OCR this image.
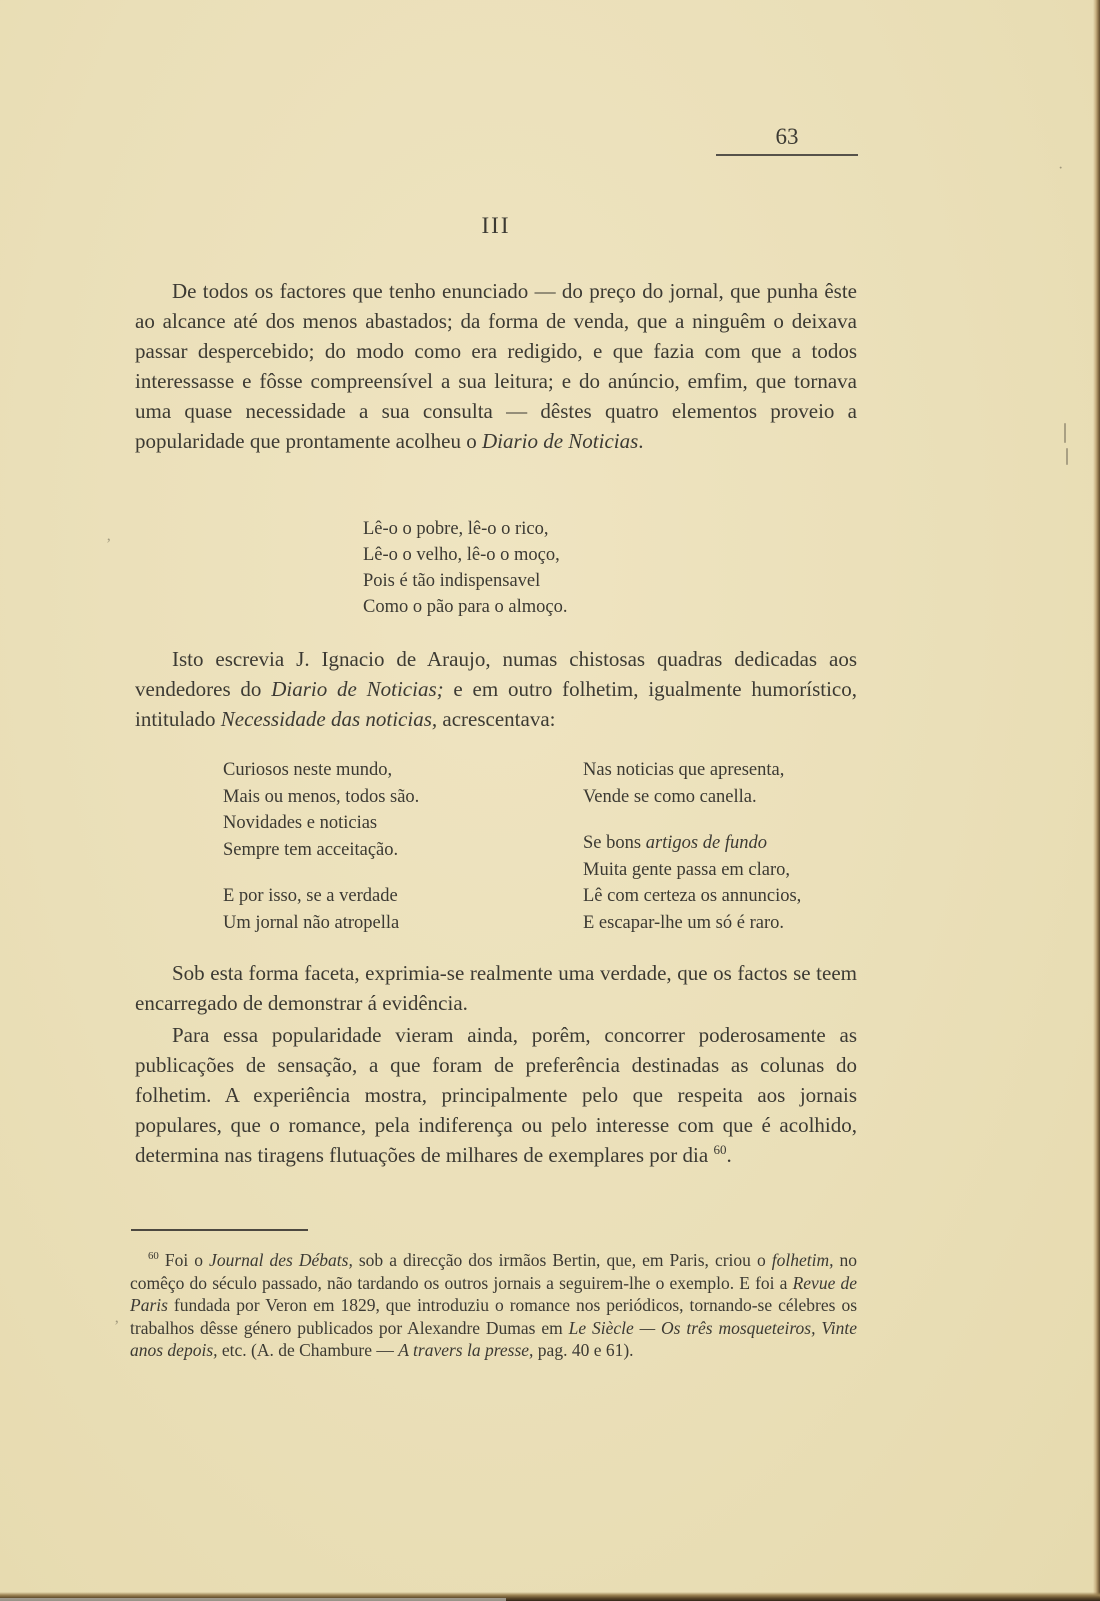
63
III

De todos os factores que tenho enunciado — do preço do jornal, que punha êste ao alcance até dos menos abastados; da forma de venda, que a ninguêm o deixava passar despercebido; do modo como era redigido, e que fazia com que a todos interessasse e fôsse compreensível a sua leitura; e do anúncio, emfim, que tornava uma quase necessidade a sua consulta — dêstes quatro elementos proveio a popularidade que prontamente acolheu o Diario de Noticias.

Lê-o o pobre, lê-o o rico,
Lê-o o velho, lê-o o moço,
Pois é tão indispensavel
Como o pão para o almoço.

Isto escrevia J. Ignacio de Araujo, numas chistosas quadras dedicadas aos vendedores do Diario de Noticias; e em outro folhetim, igualmente humorístico, intitulado Necessidade das noticias, acrescentava:

Curiosos neste mundo,
Mais ou menos, todos são.
Novidades e noticias
Sempre tem acceitação.
E por isso, se a verdade
Um jornal não atropella
Nas noticias que apresenta,
Vende se como canella.
Se bons artigos de fundo
Muita gente passa em claro,
Lê com certeza os annuncios,
E escapar-lhe um só é raro.

Sob esta forma faceta, exprimia-se realmente uma verdade, que os factos se teem encarregado de demonstrar á evidência.

Para essa popularidade vieram ainda, porêm, concorrer poderosamente as publicações de sensação, a que foram de preferência destinadas as colunas do folhetim. A experiência mostra, principalmente pelo que respeita aos jornais populares, que o romance, pela indiferença ou pelo interesse com que é acolhido, determina nas tiragens flutuações de milhares de exemplares por dia $^{60}$.

$^{60}$ Foi o Journal des Débats, sob a direcção dos irmãos Bertin, que, em Paris, criou o folhetim, no comêço do século passado, não tardando os outros jornais a seguirem-lhe o exemplo. E foi a Revue de Paris fundada por Veron em 1829, que introduziu o romance nos periódicos, tornando-se célebres os trabalhos dêsse género publicados por Alexandre Dumas em Le Siècle — Os três mosqueteiros, Vinte anos depois, etc. (A. de Chambure — A travers la presse, pag. 40 e 61).

’
’
·
